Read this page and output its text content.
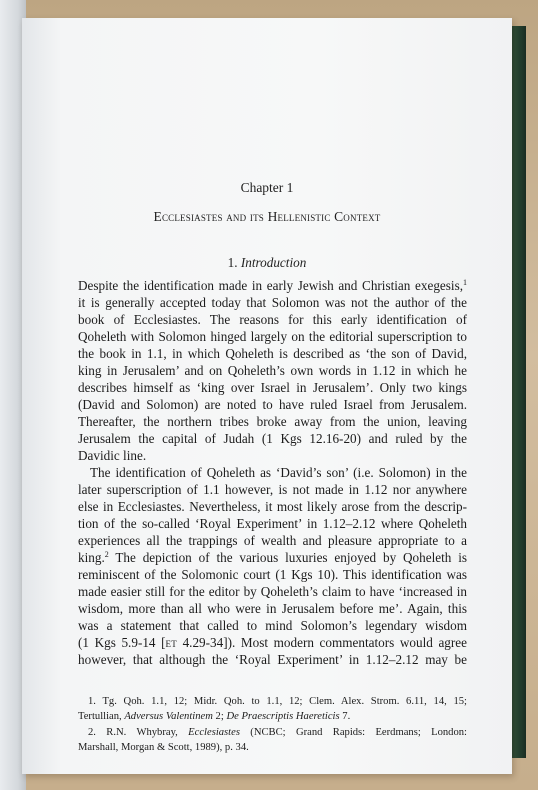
Chapter 1
Ecclesiastes and its Hellenistic Context
1. Introduction
Despite the identification made in early Jewish and Christian exegesis,$^1$
it is generally accepted today that Solomon was not the author of the
book of Ecclesiastes. The reasons for this early identification of
Qoheleth with Solomon hinged largely on the editorial superscription to
the book in 1.1, in which Qoheleth is described as ‘the son of David,
king in Jerusalem’ and on Qoheleth’s own words in 1.12 in which he
describes himself as ‘king over Israel in Jerusalem’. Only two kings
(David and Solomon) are noted to have ruled Israel from Jerusalem.
Thereafter, the northern tribes broke away from the union, leaving
Jerusalem the capital of Judah (1 Kgs 12.16-20) and ruled by the
Davidic line.
The identification of Qoheleth as ‘David’s son’ (i.e. Solomon) in the
later superscription of 1.1 however, is not made in 1.12 nor anywhere
else in Ecclesiastes. Nevertheless, it most likely arose from the descrip-
tion of the so-called ‘Royal Experiment’ in 1.12–2.12 where Qoheleth
experiences all the trappings of wealth and pleasure appropriate to a
king.$^2$ The depiction of the various luxuries enjoyed by Qoheleth is
reminiscent of the Solomonic court (1 Kgs 10). This identification was
made easier still for the editor by Qoheleth’s claim to have ‘increased in
wisdom, more than all who were in Jerusalem before me’. Again, this
was a statement that called to mind Solomon’s legendary wisdom
(1 Kgs 5.9-14 [et 4.29-34]). Most modern commentators would agree
however, that although the ‘Royal Experiment’ in 1.12–2.12 may be
1. Tg. Qoh. 1.1, 12; Midr. Qoh. to 1.1, 12; Clem. Alex. Strom. 6.11, 14, 15;
Tertullian, Adversus Valentinem 2; De Praescriptis Haereticis 7.
2. R.N. Whybray, Ecclesiastes (NCBC; Grand Rapids: Eerdmans; London:
Marshall, Morgan & Scott, 1989), p. 34.
